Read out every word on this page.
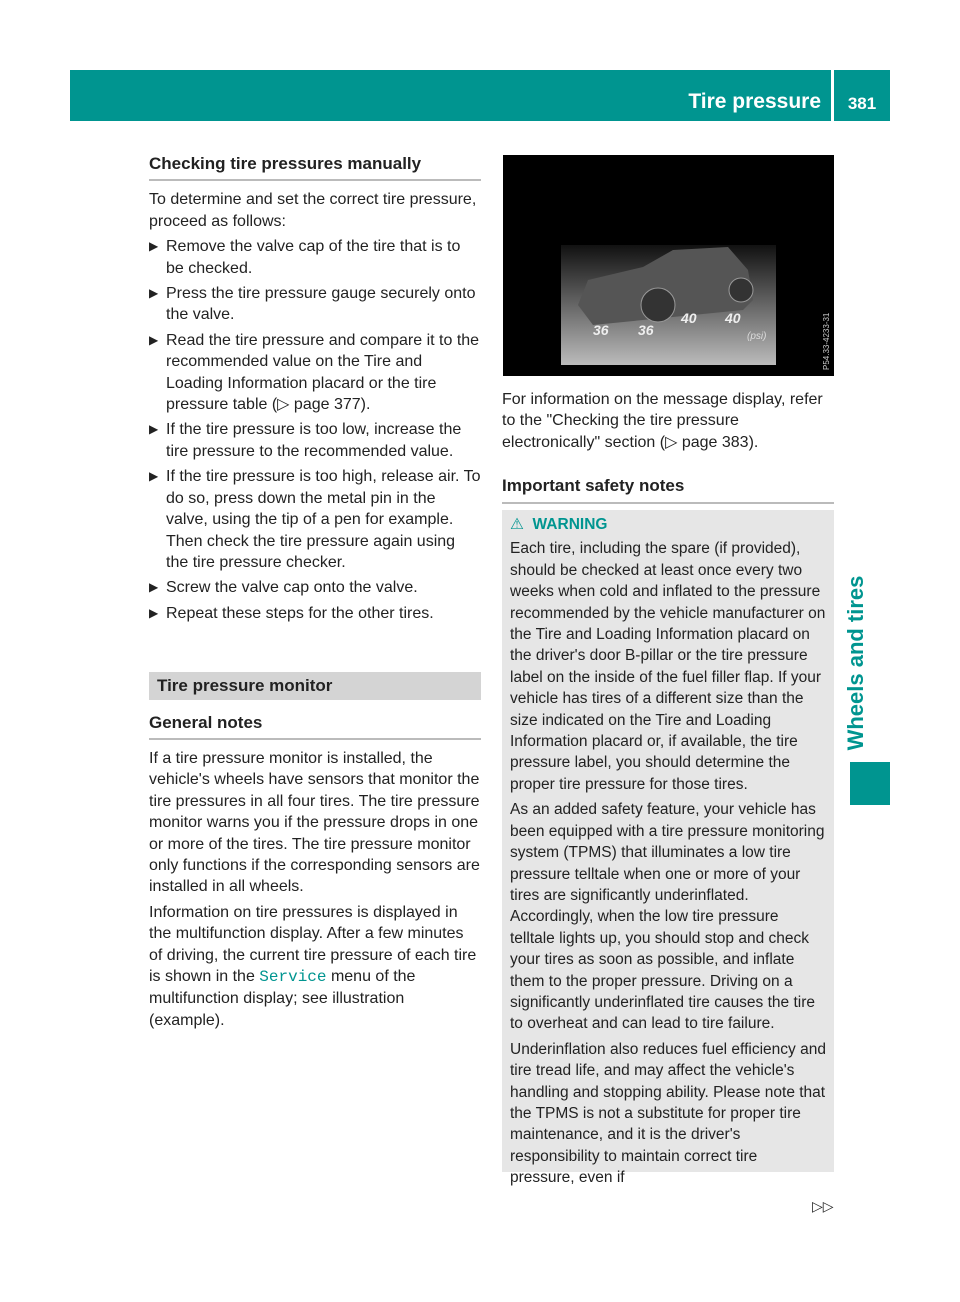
Tire pressure	381
Wheels and tires
Checking tire pressures manually

To determine and set the correct tire pressure, proceed as follows:

▶ Remove the valve cap of the tire that is to be checked.
▶ Press the tire pressure gauge securely onto the valve.
▶ Read the tire pressure and compare it to the recommended value on the Tire and Loading Information placard or the tire pressure table (▷ page 377).
▶ If the tire pressure is too low, increase the tire pressure to the recommended value.
▶ If the tire pressure is too high, release air. To do so, press down the metal pin in the valve, using the tip of a pen for example. Then check the tire pressure again using the tire pressure checker.
▶ Screw the valve cap onto the valve.
▶ Repeat these steps for the other tires.
Tire pressure monitor
General notes

If a tire pressure monitor is installed, the vehicle's wheels have sensors that monitor the tire pressures in all four tires. The tire pressure monitor warns you if the pressure drops in one or more of the tires. The tire pressure monitor only functions if the corresponding sensors are installed in all wheels.

Information on tire pressures is displayed in the multifunction display. After a few minutes of driving, the current tire pressure of each tire is shown in the Service menu of the multifunction display; see illustration (example).

36 36
40 40
(psi)	P54.33-4233-31

For information on the message display, refer to the "Checking the tire pressure electronically" section (▷ page 383).

Important safety notes
⚠ WARNING

Each tire, including the spare (if provided), should be checked at least once every two weeks when cold and inflated to the pressure recommended by the vehicle manufacturer on the Tire and Loading Information placard on the driver's door B-pillar or the tire pressure label on the inside of the fuel filler flap. If your vehicle has tires of a different size than the size indicated on the Tire and Loading Information placard or, if available, the tire pressure label, you should determine the proper tire pressure for those tires.

As an added safety feature, your vehicle has been equipped with a tire pressure monitoring system (TPMS) that illuminates a low tire pressure telltale when one or more of your tires are significantly underinflated. Accordingly, when the low tire pressure telltale lights up, you should stop and check your tires as soon as possible, and inflate them to the proper pressure. Driving on a significantly underinflated tire causes the tire to overheat and can lead to tire failure.

Underinflation also reduces fuel efficiency and tire tread life, and may affect the vehicle's handling and stopping ability. Please note that the TPMS is not a substitute for proper tire maintenance, and it is the driver's responsibility to maintain correct tire pressure, even if

▷▷
